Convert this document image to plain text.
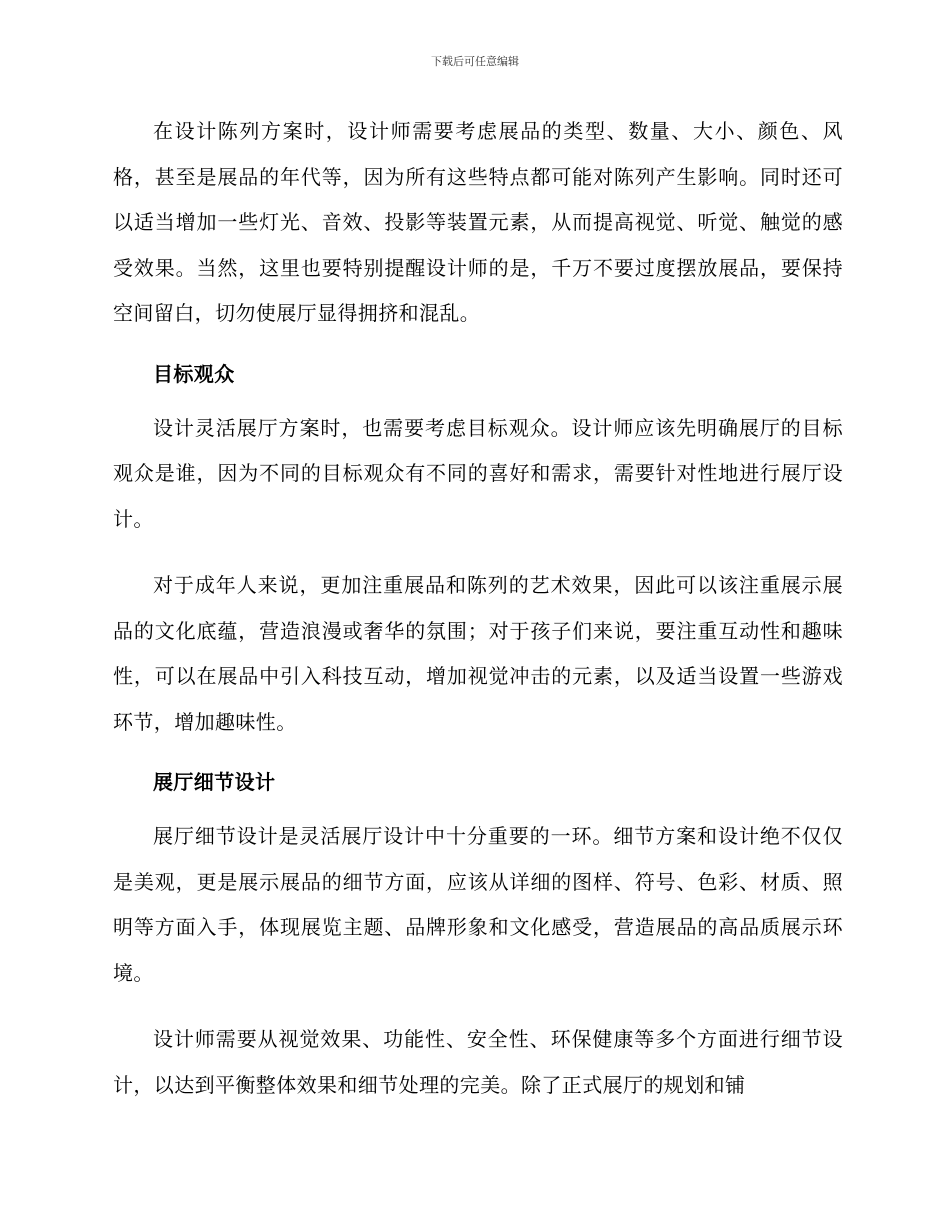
下载后可任意编辑

在设计陈列方案时，设计师需要考虑展品的类型、数量、大小、颜色、风格，甚至是展品的年代等，因为所有这些特点都可能对陈列产生影响。同时还可以适当增加一些灯光、音效、投影等装置元素，从而提高视觉、听觉、触觉的感受效果。当然，这里也要特别提醒设计师的是，千万不要过度摆放展品，要保持空间留白，切勿使展厅显得拥挤和混乱。

目标观众

设计灵活展厅方案时，也需要考虑目标观众。设计师应该先明确展厅的目标观众是谁，因为不同的目标观众有不同的喜好和需求，需要针对性地进行展厅设计。

对于成年人来说，更加注重展品和陈列的艺术效果，因此可以该注重展示展品的文化底蕴，营造浪漫或奢华的氛围；对于孩子们来说，要注重互动性和趣味性，可以在展品中引入科技互动，增加视觉冲击的元素，以及适当设置一些游戏环节，增加趣味性。

展厅细节设计

展厅细节设计是灵活展厅设计中十分重要的一环。细节方案和设计绝不仅仅是美观，更是展示展品的细节方面，应该从详细的图样、符号、色彩、材质、照明等方面入手，体现展览主题、品牌形象和文化感受，营造展品的高品质展示环境。

设计师需要从视觉效果、功能性、安全性、环保健康等多个方面进行细节设计，以达到平衡整体效果和细节处理的完美。除了正式展厅的规划和铺
